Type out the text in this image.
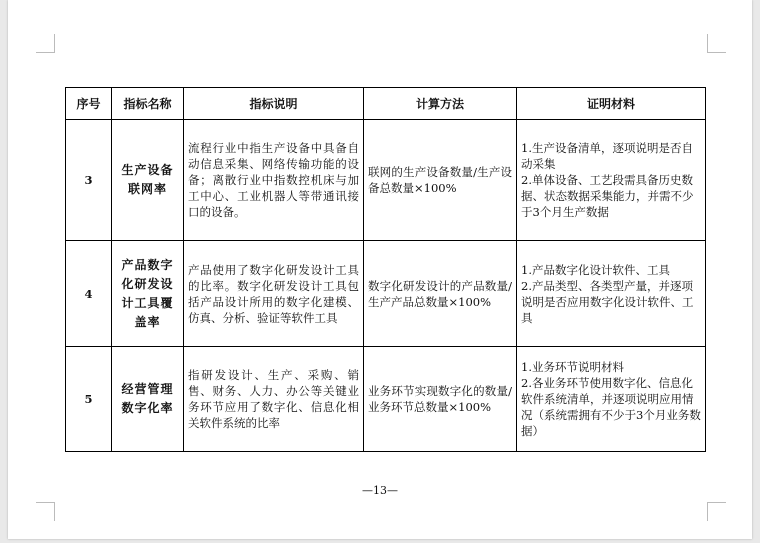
序号	指标名称	指标说明	计算方法	证明材料
3	生产设备联网率	流程行业中指生产设备中具备自动信息采集、网络传输功能的设备；离散行业中指数控机床与加工中心、工业机器人等带通讯接口的设备。	联网的生产设备数量/生产设备总数量×100%	1.生产设备清单，逐项说明是否自动采集
2.单体设备、工艺段需具备历史数据、状态数据采集能力，并需不少于3个月生产数据

4	产品数字化研发设计工具覆盖率	产品使用了数字化研发设计工具的比率。数字化研发设计工具包括产品设计所用的数字化建模、仿真、分析、验证等软件工具	数字化研发设计的产品数量/生产产品总数量×100%	1.产品数字化设计软件、工具
2.产品类型、各类型产量，并逐项说明是否应用数字化设计软件、工具

5	经营管理数字化率	指研发设计、生产、采购、销售、财务、人力、办公等关键业务环节应用了数字化、信息化相关软件系统的比率	业务环节实现数字化的数量/业务环节总数量×100%	1.业务环节说明材料
2.各业务环节使用数字化、信息化软件系统清单，并逐项说明应用情况（系统需拥有不少于3个月业务数据）
—13—
